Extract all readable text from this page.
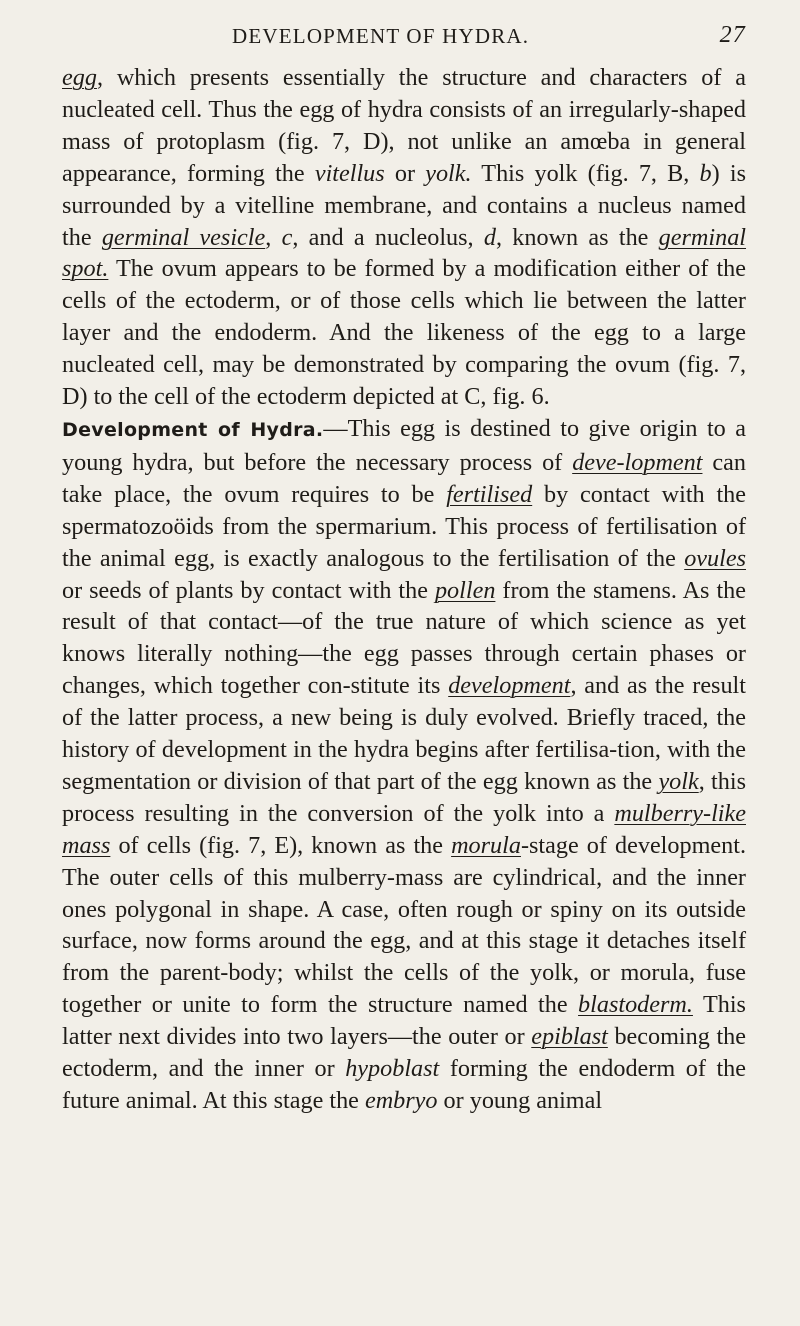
DEVELOPMENT OF HYDRA.	27

egg, which presents essentially the structure and characters of a nucleated cell. Thus the egg of hydra consists of an irregularly-shaped mass of protoplasm (fig. 7, D), not unlike an amœba in general appearance, forming the vitellus or yolk. This yolk (fig. 7, B, b) is surrounded by a vitelline membrane, and contains a nucleus named the germinal vesicle, c, and a nucleolus, d, known as the germinal spot. The ovum appears to be formed by a modification either of the cells of the ectoderm, or of those cells which lie between the latter layer and the endoderm. And the likeness of the egg to a large nucleated cell, may be demonstrated by comparing the ovum (fig. 7, D) to the cell of the ectoderm depicted at C, fig. 6.

Development of Hydra.—This egg is destined to give origin to a young hydra, but before the necessary process of deve-lopment can take place, the ovum requires to be fertilised by contact with the spermatozoöids from the spermarium. This process of fertilisation of the animal egg, is exactly analogous to the fertilisation of the ovules or seeds of plants by contact with the pollen from the stamens. As the result of that contact—of the true nature of which science as yet knows literally nothing—the egg passes through certain phases or changes, which together con-stitute its development, and as the result of the latter process, a new being is duly evolved. Briefly traced, the history of development in the hydra begins after fertilisa-tion, with the segmentation or division of that part of the egg known as the yolk, this process resulting in the conversion of the yolk into a mulberry-like mass of cells (fig. 7, E), known as the morula-stage of development. The outer cells of this mulberry-mass are cylindrical, and the inner ones polygonal in shape. A case, often rough or spiny on its outside surface, now forms around the egg, and at this stage it detaches itself from the parent-body; whilst the cells of the yolk, or morula, fuse together or unite to form the structure named the blastoderm. This latter next divides into two layers—the outer or epiblast becoming the ectoderm, and the inner or hypoblast forming the endoderm of the future animal. At this stage the embryo or young animal
